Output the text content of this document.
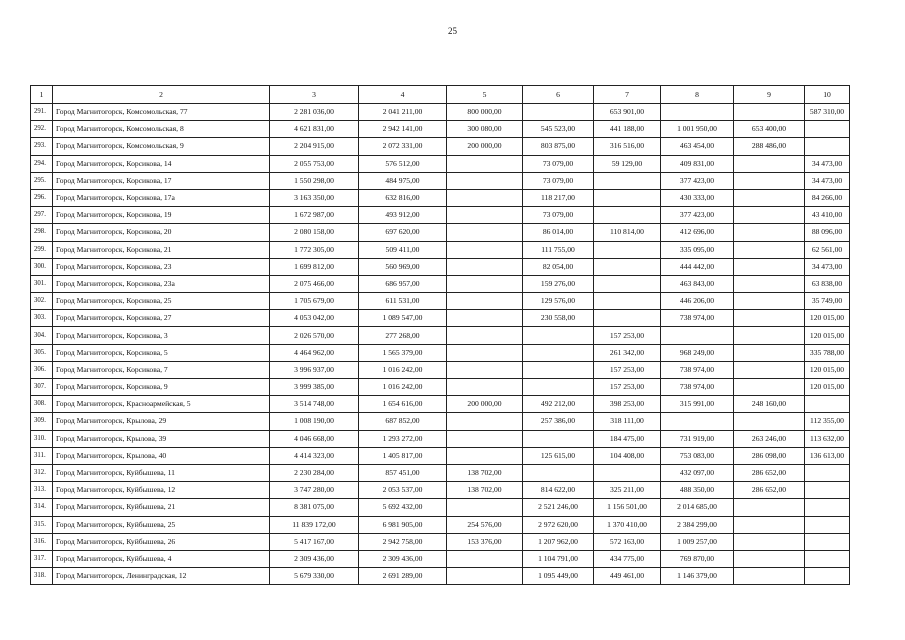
25
1	2	3	4	5	6	7	8	9	10
291.	Город Магнитогорск, Комсомольская, 77	2 281 036,00	2 041 211,00	800 000,00		653 901,00			587 310,00
292.	Город Магнитогорск, Комсомольская, 8	4 621 831,00	2 942 141,00	300 080,00	545 523,00	441 188,00	1 001 950,00	653 400,00	
293.	Город Магнитогорск, Комсомольская, 9	2 204 915,00	2 072 331,00	200 000,00	803 875,00	316 516,00	463 454,00	288 486,00	
294.	Город Магнитогорск, Корсикова, 14	2 055 753,00	576 512,00		73 079,00	59 129,00	409 831,00		34 473,00
295.	Город Магнитогорск, Корсикова, 17	1 550 298,00	484 975,00		73 079,00		377 423,00		34 473,00
296.	Город Магнитогорск, Корсикова, 17а	3 163 350,00	632 816,00		118 217,00		430 333,00		84 266,00
297.	Город Магнитогорск, Корсикова, 19	1 672 987,00	493 912,00		73 079,00		377 423,00		43 410,00
298.	Город Магнитогорск, Корсикова, 20	2 080 158,00	697 620,00		86 014,00	110 814,00	412 696,00		88 096,00
299.	Город Магнитогорск, Корсикова, 21	1 772 305,00	509 411,00		111 755,00		335 095,00		62 561,00
300.	Город Магнитогорск, Корсикова, 23	1 699 812,00	560 969,00		82 054,00		444 442,00		34 473,00
301.	Город Магнитогорск, Корсикова, 23а	2 075 466,00	686 957,00		159 276,00		463 843,00		63 838,00
302.	Город Магнитогорск, Корсикова, 25	1 705 679,00	611 531,00		129 576,00		446 206,00		35 749,00
303.	Город Магнитогорск, Корсикова, 27	4 053 042,00	1 089 547,00		230 558,00		738 974,00		120 015,00
304.	Город Магнитогорск, Корсикова, 3	2 026 570,00	277 268,00			157 253,00			120 015,00
305.	Город Магнитогорск, Корсикова, 5	4 464 962,00	1 565 379,00			261 342,00	968 249,00		335 788,00
306.	Город Магнитогорск, Корсикова, 7	3 996 937,00	1 016 242,00			157 253,00	738 974,00		120 015,00
307.	Город Магнитогорск, Корсикова, 9	3 999 385,00	1 016 242,00			157 253,00	738 974,00		120 015,00
308.	Город Магнитогорск, Красноармейская, 5	3 514 748,00	1 654 616,00	200 000,00	492 212,00	398 253,00	315 991,00	248 160,00	
309.	Город Магнитогорск, Крылова, 29	1 008 190,00	687 852,00		257 386,00	318 111,00			112 355,00
310.	Город Магнитогорск, Крылова, 39	4 046 668,00	1 293 272,00			184 475,00	731 919,00	263 246,00	113 632,00
311.	Город Магнитогорск, Крылова, 40	4 414 323,00	1 405 817,00		125 615,00	104 408,00	753 083,00	286 098,00	136 613,00
312.	Город Магнитогорск, Куйбышева, 11	2 230 284,00	857 451,00	138 702,00			432 097,00	286 652,00	
313.	Город Магнитогорск, Куйбышева, 12	3 747 280,00	2 053 537,00	138 702,00	814 622,00	325 211,00	488 350,00	286 652,00	
314.	Город Магнитогорск, Куйбышева, 21	8 381 075,00	5 692 432,00		2 521 246,00	1 156 501,00	2 014 685,00		
315.	Город Магнитогорск, Куйбышева, 25	11 839 172,00	6 981 905,00	254 576,00	2 972 620,00	1 370 410,00	2 384 299,00		
316.	Город Магнитогорск, Куйбышева, 26	5 417 167,00	2 942 758,00	153 376,00	1 207 962,00	572 163,00	1 009 257,00		
317.	Город Магнитогорск, Куйбышева, 4	2 309 436,00	2 309 436,00		1 104 791,00	434 775,00	769 870,00		
318.	Город Магнитогорск, Ленинградская, 12	5 679 330,00	2 691 289,00		1 095 449,00	449 461,00	1 146 379,00		
